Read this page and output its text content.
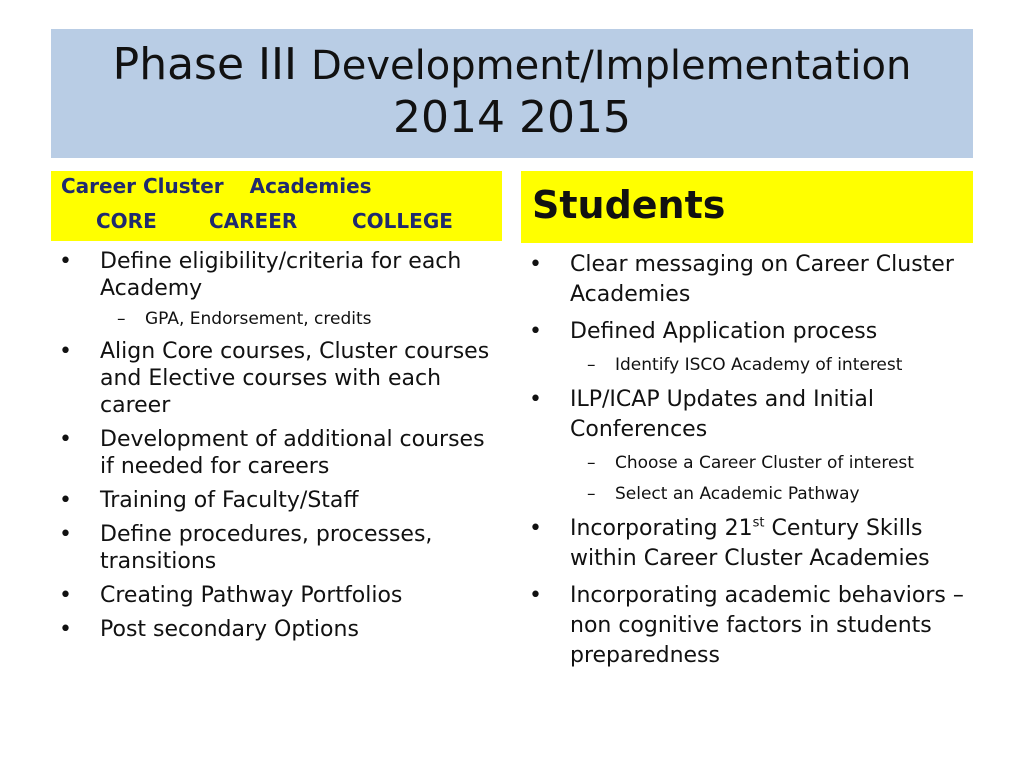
Phase III Development/Implementation
2014 2015
Career Cluster Academies
CORE	CAREER	COLLEGE Students
• Define eligibility/criteria for each Academy
– GPA, Endorsement, credits
• Align Core courses, Cluster courses and Elective courses with each career
• Development of additional courses if needed for careers
• Training of Faculty/Staff
• Define procedures, processes, transitions
• Creating Pathway Portfolios
• Post secondary Options
• Clear messaging on Career Cluster Academies
• Defined Application process
– Identify ISCO Academy of interest
• ILP/ICAP Updates and Initial Conferences
– Choose a Career Cluster of interest
– Select an Academic Pathway
• Incorporating 21st Century Skills within Career Cluster Academies
• Incorporating academic behaviors – non cognitive factors in students preparedness
